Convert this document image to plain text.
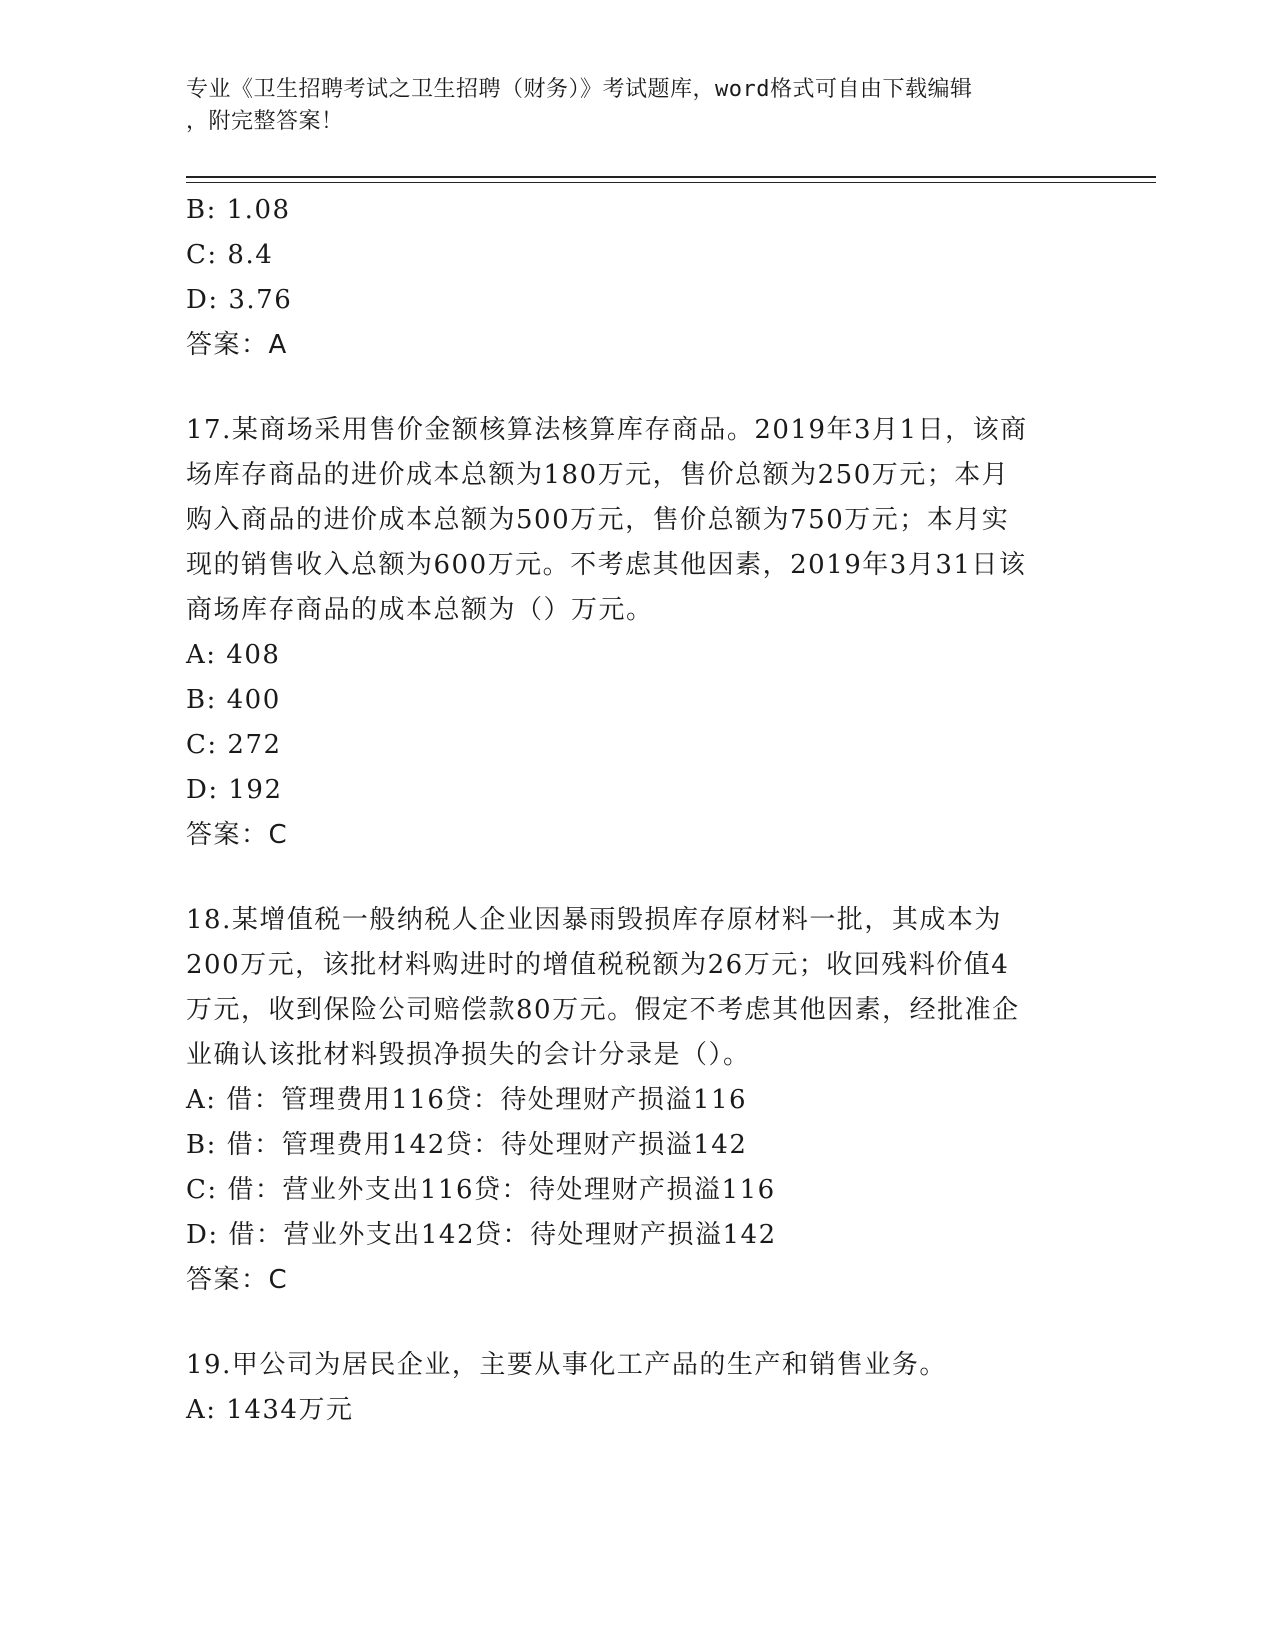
专业《卫生招聘考试之卫生招聘（财务）》考试题库，word格式可自由下载编辑
，附完整答案！
B: 1.08
C: 8.4
D: 3.76
答案：A
17.某商场采用售价金额核算法核算库存商品。2019年3月1日，该商
场库存商品的进价成本总额为180万元，售价总额为250万元；本月
购入商品的进价成本总额为500万元，售价总额为750万元；本月实
现的销售收入总额为600万元。不考虑其他因素，2019年3月31日该
商场库存商品的成本总额为（）万元。
A: 408
B: 400
C: 272
D: 192
答案：C
18.某增值税一般纳税人企业因暴雨毁损库存原材料一批，其成本为
200万元，该批材料购进时的增值税税额为26万元；收回残料价值4
万元，收到保险公司赔偿款80万元。假定不考虑其他因素，经批准企
业确认该批材料毁损净损失的会计分录是（）。
A: 借：管理费用116贷：待处理财产损溢116
B: 借：管理费用142贷：待处理财产损溢142
C: 借：营业外支出116贷：待处理财产损溢116
D: 借：营业外支出142贷：待处理财产损溢142
答案：C
19.甲公司为居民企业，主要从事化工产品的生产和销售业务。
A: 1434万元
